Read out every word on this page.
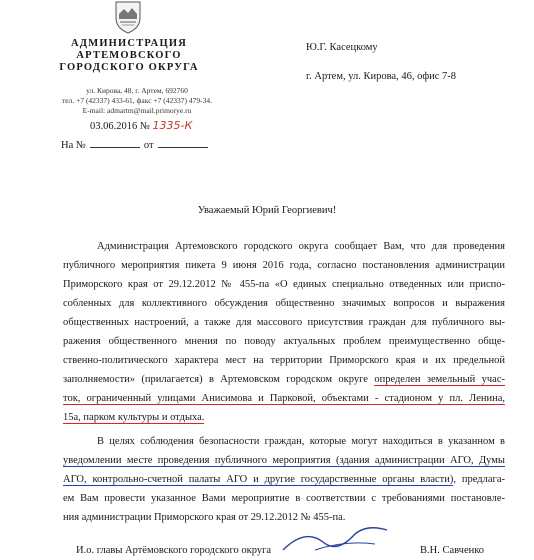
АДМИНИСТРАЦИЯ
АРТЕМОВСКОГО
ГОРОДСКОГО ОКРУГА
ул. Кирова, 48, г. Артем, 692760
тел. +7 (42337) 433-61, факс +7 (42337) 479-34.
E-mail: admartm@mail.primorye.ru
03.06.2016 № 1335-К
На №	от
Ю.Г. Касецкому
г. Артем, ул. Кирова, 46, офис 7-8
Уважаемый Юрий Георгиевич!
Администрация Артемовского городского округа сообщает Вам, что для проведения
публичного мероприятия пикета 9 июня 2016 года, согласно постановления администрации
Приморского края от 29.12.2012 № 455-па «О единых специально отведенных или приспо-
собленных для коллективного обсуждения общественно значимых вопросов и выражения
общественных настроений, а также для массового присутствия граждан для публичного вы-
ражения общественного мнения по поводу актуальных проблем преимущественно обще-
ственно-политического характера мест на территории Приморского края и их предельной
заполняемости» (прилагается) в Артемовском городском округе определен земельный учас-
ток, ограниченный улицами Анисимова и Парковой, объектами - стадионом у пл. Ленина,
15а, парком культуры и отдыха.
В целях соблюдения безопасности граждан, которые могут находиться в указанном в
уведомлении месте проведения публичного мероприятия (здания администрации АГО, Думы
АГО, контрольно-счетной палаты АГО и другие государственные органы власти), предлага-
ем Вам провести указанное Вами мероприятие в соответствии с требованиями постановле-
ния администрации Приморского края от 29.12.2012 № 455-па.
И.о. главы Артёмовского городского округа	В.Н. Савченко
